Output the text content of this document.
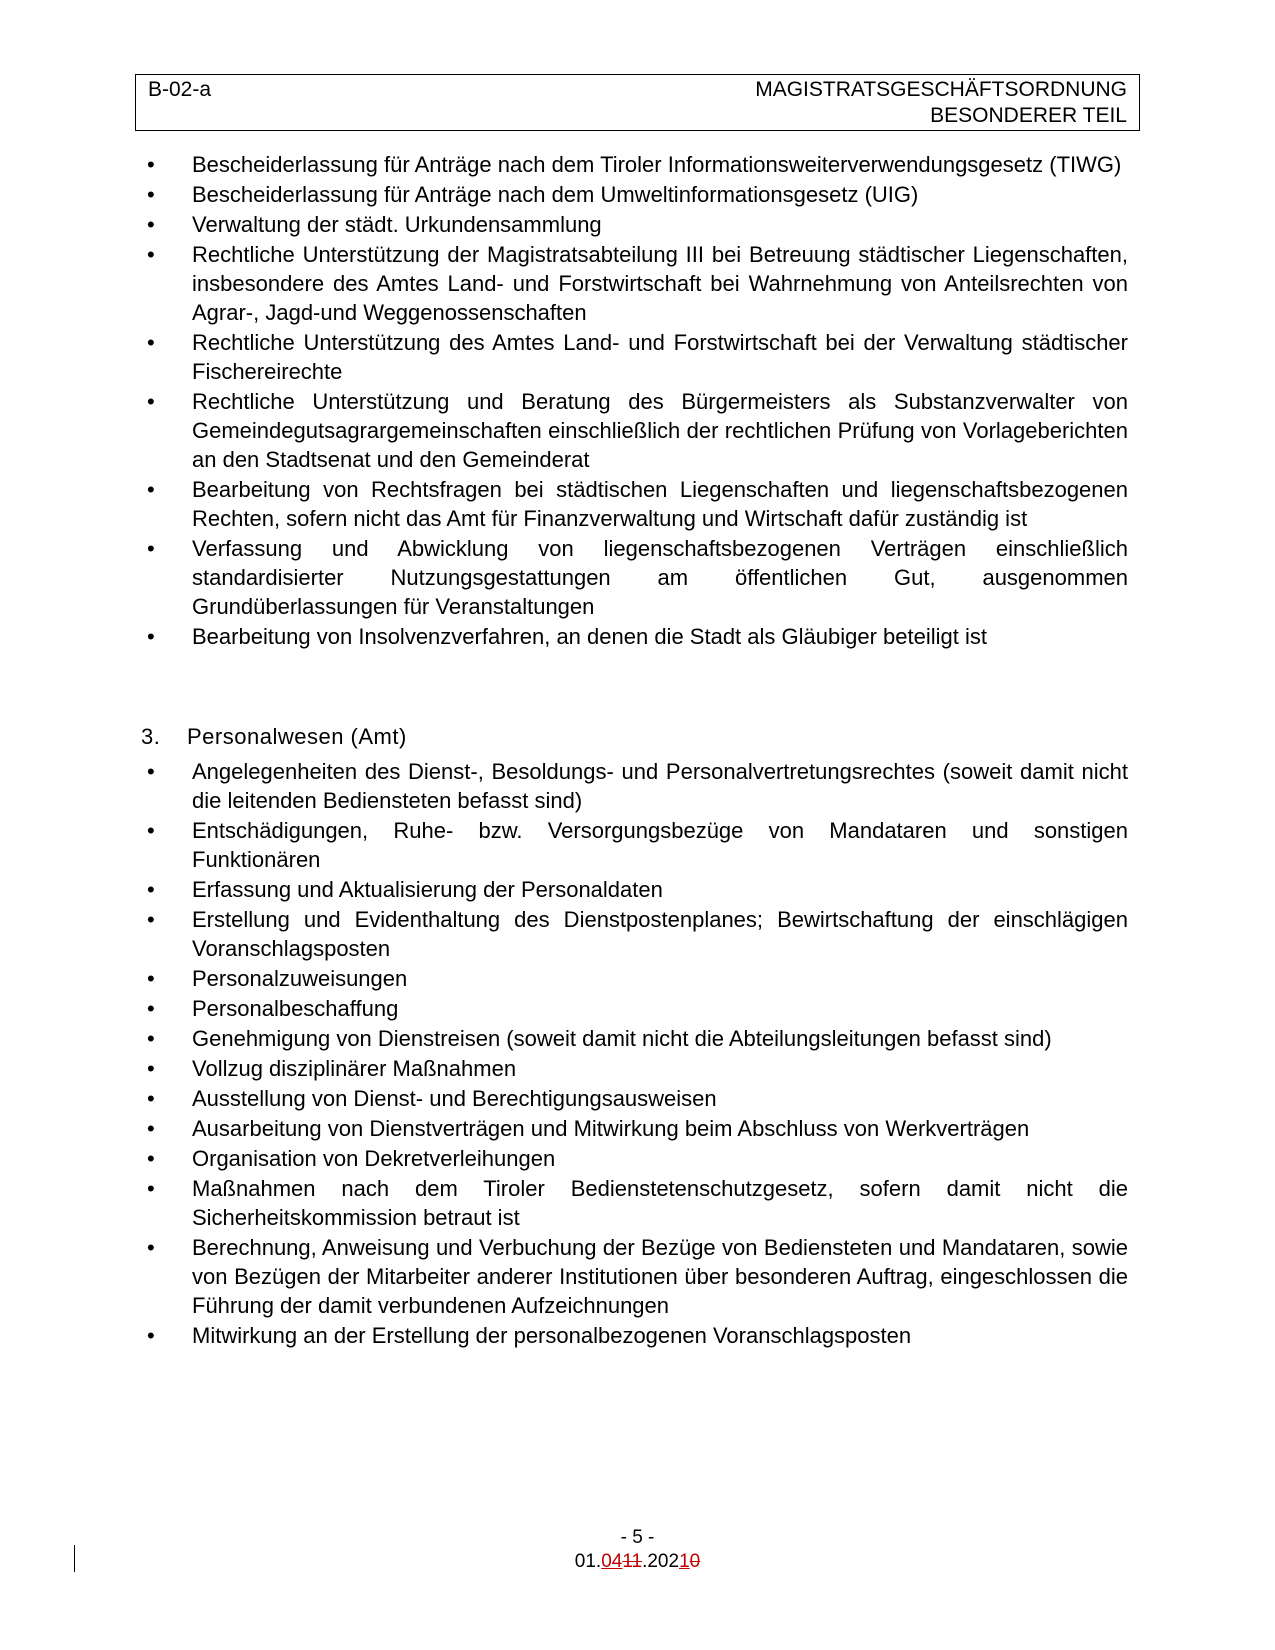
B-02-a	MAGISTRATSGESCHÄFTSORDNUNG
BESONDERER TEIL
• Bescheiderlassung für Anträge nach dem Tiroler Informationsweiterverwendungsgesetz (TIWG)
• Bescheiderlassung für Anträge nach dem Umweltinformationsgesetz (UIG)
• Verwaltung der städt. Urkundensammlung
• Rechtliche Unterstützung der Magistratsabteilung III bei Betreuung städtischer Liegenschaften, insbesondere des Amtes Land- und Forstwirtschaft bei Wahrnehmung von Anteilsrechten von Agrar-, Jagd-und Weggenossenschaften
• Rechtliche Unterstützung des Amtes Land- und Forstwirtschaft bei der Verwaltung städtischer Fischereirechte
• Rechtliche Unterstützung und Beratung des Bürgermeisters als Substanzverwalter von Gemeindegutsagrargemeinschaften einschließlich der rechtlichen Prüfung von Vorlageberichten an den Stadtsenat und den Gemeinderat
• Bearbeitung von Rechtsfragen bei städtischen Liegenschaften und liegenschaftsbezogenen Rechten, sofern nicht das Amt für Finanzverwaltung und Wirtschaft dafür zuständig ist
• Verfassung und Abwicklung von liegenschaftsbezogenen Verträgen einschließlich standardisierter Nutzungsgestattungen am öffentlichen Gut, ausgenommen Grundüberlassungen für Veranstaltungen
• Bearbeitung von Insolvenzverfahren, an denen die Stadt als Gläubiger beteiligt ist
3. Personalwesen (Amt)
• Angelegenheiten des Dienst-, Besoldungs- und Personalvertretungsrechtes (soweit damit nicht die leitenden Bediensteten befasst sind)
• Entschädigungen, Ruhe- bzw. Versorgungsbezüge von Mandataren und sonstigen Funktionären
• Erfassung und Aktualisierung der Personaldaten
• Erstellung und Evidenthaltung des Dienstpostenplanes; Bewirtschaftung der einschlägigen Voranschlagsposten
• Personalzuweisungen
• Personalbeschaffung
• Genehmigung von Dienstreisen (soweit damit nicht die Abteilungsleitungen befasst sind)
• Vollzug disziplinärer Maßnahmen
• Ausstellung von Dienst- und Berechtigungsausweisen
• Ausarbeitung von Dienstverträgen und Mitwirkung beim Abschluss von Werkverträgen
• Organisation von Dekretverleihungen
• Maßnahmen nach dem Tiroler Bedienstetenschutzgesetz, sofern damit nicht die Sicherheitskommission betraut ist
• Berechnung, Anweisung und Verbuchung der Bezüge von Bediensteten und Mandataren, sowie von Bezügen der Mitarbeiter anderer Institutionen über besonderen Auftrag, eingeschlossen die Führung der damit verbundenen Aufzeichnungen
• Mitwirkung an der Erstellung der personalbezogenen Voranschlagsposten
- 5 -
01.0411.20210
